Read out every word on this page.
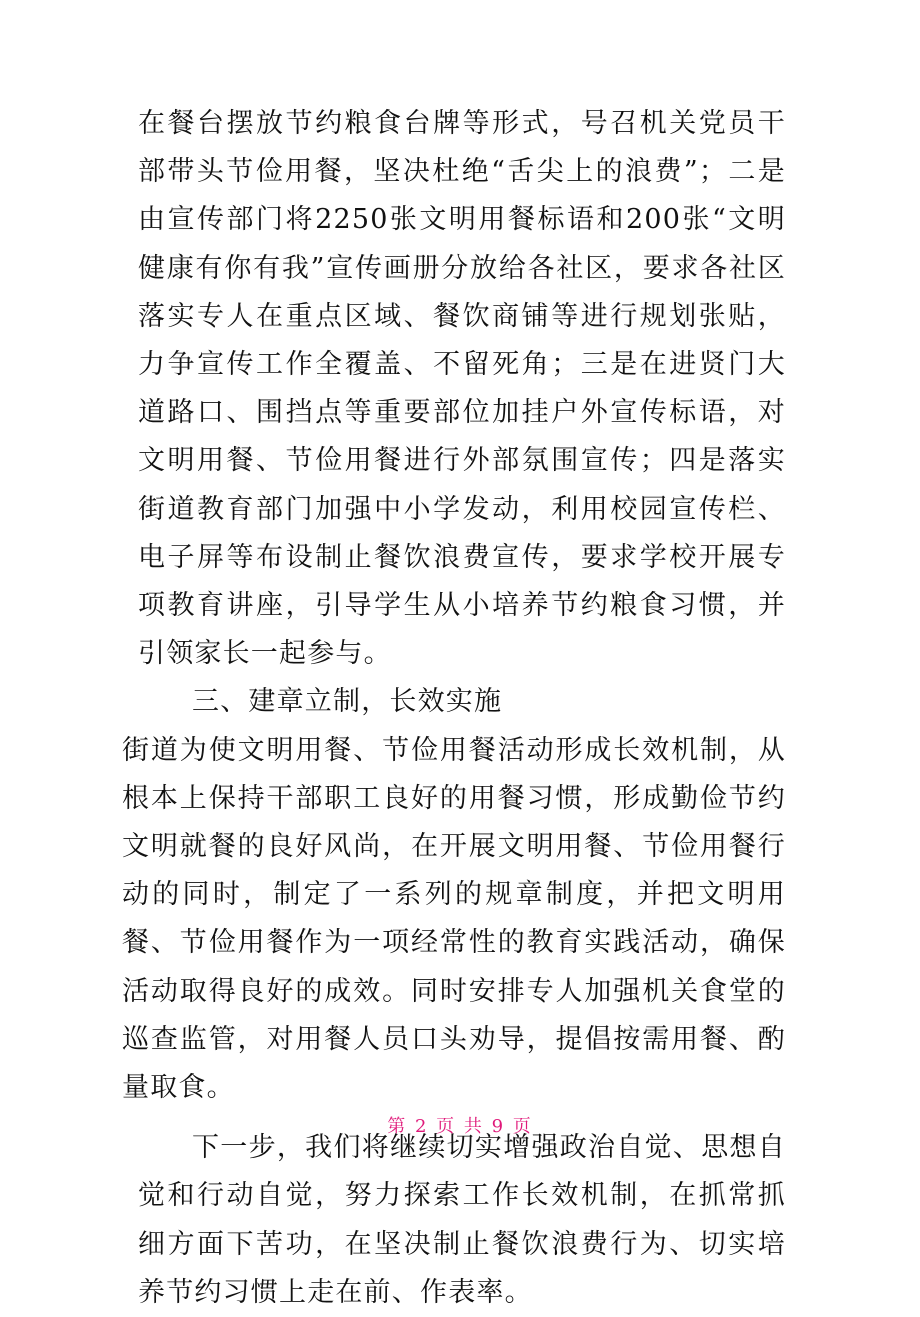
在餐台摆放节约粮食台牌等形式，号召机关党员干部带头节俭用餐，坚决杜绝“舌尖上的浪费”；二是由宣传部门将2250张文明用餐标语和200张“文明健康有你有我”宣传画册分放给各社区，要求各社区落实专人在重点区域、餐饮商铺等进行规划张贴，力争宣传工作全覆盖、不留死角；三是在进贤门大道路口、围挡点等重要部位加挂户外宣传标语，对文明用餐、节俭用餐进行外部氛围宣传；四是落实街道教育部门加强中小学发动，利用校园宣传栏、电子屏等布设制止餐饮浪费宣传，要求学校开展专项教育讲座，引导学生从小培养节约粮食习惯，并引领家长一起参与。

三、建章立制，长效实施

街道为使文明用餐、节俭用餐活动形成长效机制，从根本上保持干部职工良好的用餐习惯，形成勤俭节约文明就餐的良好风尚，在开展文明用餐、节俭用餐行动的同时，制定了一系列的规章制度，并把文明用餐、节俭用餐作为一项经常性的教育实践活动，确保活动取得良好的成效。同时安排专人加强机关食堂的巡查监管，对用餐人员口头劝导，提倡按需用餐、酌量取食。

下一步，我们将继续切实增强政治自觉、思想自觉和行动自觉，努力探索工作长效机制，在抓常抓细方面下苦功，在坚决制止餐饮浪费行为、切实培养节约习惯上走在前、作表率。

第 2 页 共 9 页
